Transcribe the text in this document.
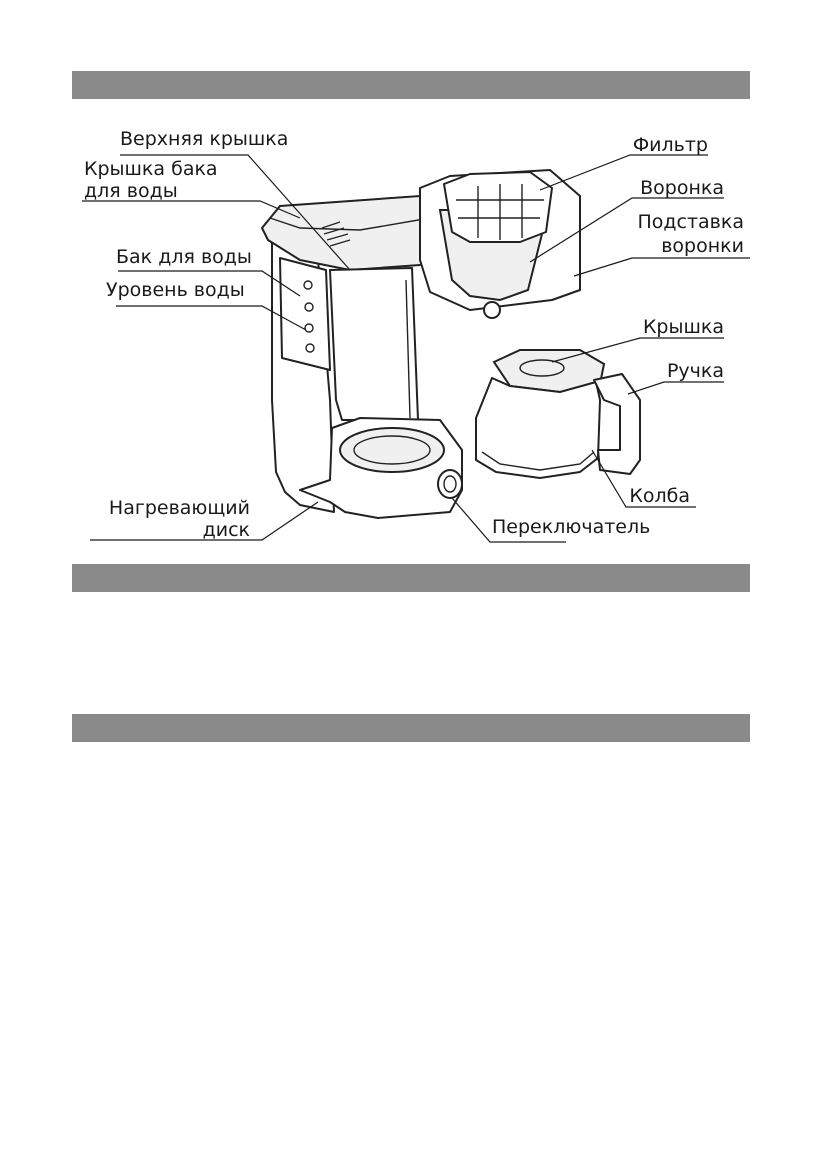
Верхняя крышка
Крышка бака
для воды
Бак для воды
Уровень воды
Нагревающий
диск	Переключатель
Фильтр
Воронка
Подставка
воронки
Крышка
Ручка
Колба
